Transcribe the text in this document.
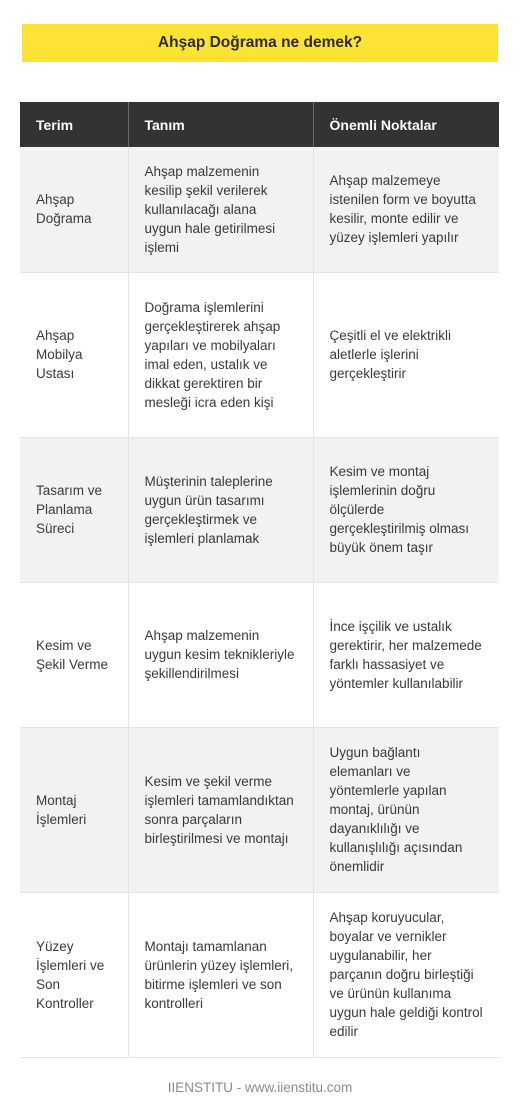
Ahşap Doğrama ne demek?
Terim	Tanım	Önemli Noktalar
Ahşap Doğrama	Ahşap malzemenin kesilip şekil verilerek kullanılacağı alana uygun hale getirilmesi işlemi	Ahşap malzemeye istenilen form ve boyutta kesilir, monte edilir ve yüzey işlemleri yapılır
Ahşap Mobilya Ustası	Doğrama işlemlerini gerçekleştirerek ahşap yapıları ve mobilyaları imal eden, ustalık ve dikkat gerektiren bir mesleği icra eden kişi	Çeşitli el ve elektrikli aletlerle işlerini gerçekleştirir
Tasarım ve Planlama Süreci	Müşterinin taleplerine uygun ürün tasarımı gerçekleştirmek ve işlemleri planlamak	Kesim ve montaj işlemlerinin doğru ölçülerde gerçekleştirilmiş olması büyük önem taşır
Kesim ve Şekil Verme	Ahşap malzemenin uygun kesim teknikleriyle şekillendirilmesi	İnce işçilik ve ustalık gerektirir, her malzemede farklı hassasiyet ve yöntemler kullanılabilir
Montaj İşlemleri	Kesim ve şekil verme işlemleri tamamlandıktan sonra parçaların birleştirilmesi ve montajı	Uygun bağlantı elemanları ve yöntemlerle yapılan montaj, ürünün dayanıklılığı ve kullanışlılığı açısından önemlidir
Yüzey İşlemleri ve Son Kontroller	Montajı tamamlanan ürünlerin yüzey işlemleri, bitirme işlemleri ve son kontrolleri	Ahşap koruyucular, boyalar ve vernikler uygulanabilir, her parçanın doğru birleştiği ve ürünün kullanıma uygun hale geldiği kontrol edilir
IIENSTITU - www.iienstitu.com
